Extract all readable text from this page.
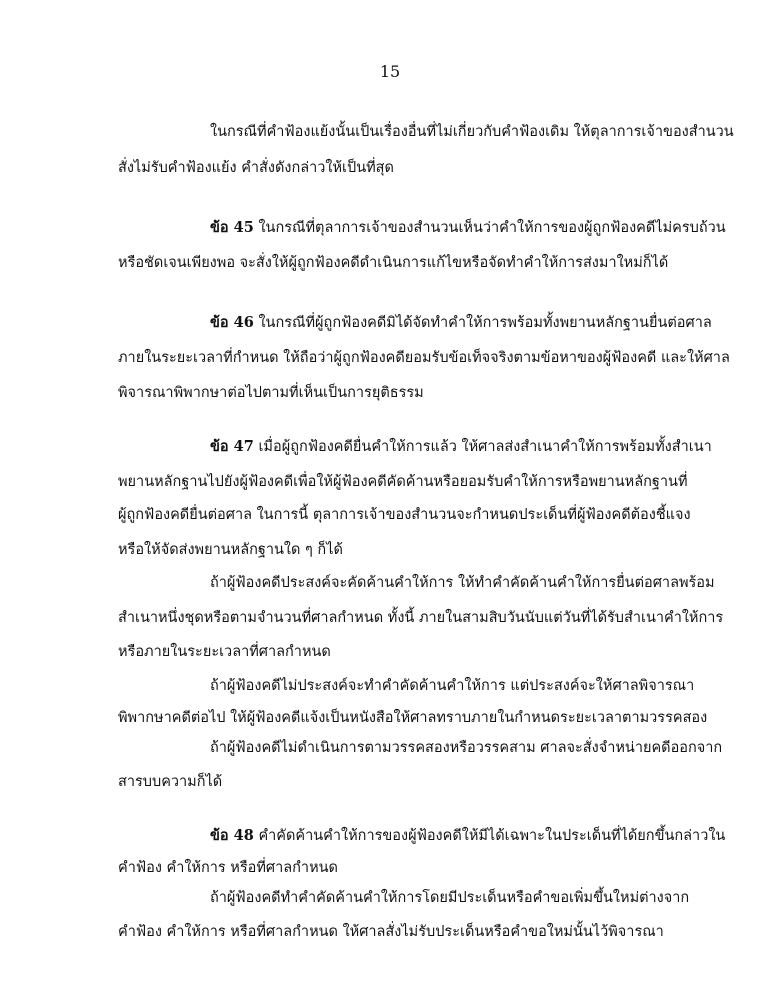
15
ในกรณีที่คำฟ้องแย้งนั้นเป็นเรื่องอื่นที่ไม่เกี่ยวกับคำฟ้องเดิม ให้ตุลาการเจ้าของสำนวน
สั่งไม่รับคำฟ้องแย้ง คำสั่งดังกล่าวให้เป็นที่สุด
ข้อ 45 ในกรณีที่ตุลาการเจ้าของสำนวนเห็นว่าคำให้การของผู้ถูกฟ้องคดีไม่ครบถ้วน
หรือชัดเจนเพียงพอ จะสั่งให้ผู้ถูกฟ้องคดีดำเนินการแก้ไขหรือจัดทำคำให้การส่งมาใหม่ก็ได้
ข้อ 46 ในกรณีที่ผู้ถูกฟ้องคดีมิได้จัดทำคำให้การพร้อมทั้งพยานหลักฐานยื่นต่อศาล
ภายในระยะเวลาที่กำหนด ให้ถือว่าผู้ถูกฟ้องคดียอมรับข้อเท็จจริงตามข้อหาของผู้ฟ้องคดี และให้ศาล
พิจารณาพิพากษาต่อไปตามที่เห็นเป็นการยุติธรรม
ข้อ 47 เมื่อผู้ถูกฟ้องคดียื่นคำให้การแล้ว ให้ศาลส่งสำเนาคำให้การพร้อมทั้งสำเนา
พยานหลักฐานไปยังผู้ฟ้องคดีเพื่อให้ผู้ฟ้องคดีคัดค้านหรือยอมรับคำให้การหรือพยานหลักฐานที่
ผู้ถูกฟ้องคดียื่นต่อศาล ในการนี้ ตุลาการเจ้าของสำนวนจะกำหนดประเด็นที่ผู้ฟ้องคดีต้องชี้แจง
หรือให้จัดส่งพยานหลักฐานใด ๆ ก็ได้
ถ้าผู้ฟ้องคดีประสงค์จะคัดค้านคำให้การ ให้ทำคำคัดค้านคำให้การยื่นต่อศาลพร้อม
สำเนาหนึ่งชุดหรือตามจำนวนที่ศาลกำหนด ทั้งนี้ ภายในสามสิบวันนับแต่วันที่ได้รับสำเนาคำให้การ
หรือภายในระยะเวลาที่ศาลกำหนด
ถ้าผู้ฟ้องคดีไม่ประสงค์จะทำคำคัดค้านคำให้การ แต่ประสงค์จะให้ศาลพิจารณา
พิพากษาคดีต่อไป ให้ผู้ฟ้องคดีแจ้งเป็นหนังสือให้ศาลทราบภายในกำหนดระยะเวลาตามวรรคสอง
ถ้าผู้ฟ้องคดีไม่ดำเนินการตามวรรคสองหรือวรรคสาม ศาลจะสั่งจำหน่ายคดีออกจาก
สารบบความก็ได้
ข้อ 48 คำคัดค้านคำให้การของผู้ฟ้องคดีให้มีได้เฉพาะในประเด็นที่ได้ยกขึ้นกล่าวใน
คำฟ้อง คำให้การ หรือที่ศาลกำหนด
ถ้าผู้ฟ้องคดีทำคำคัดค้านคำให้การโดยมีประเด็นหรือคำขอเพิ่มขึ้นใหม่ต่างจาก
คำฟ้อง คำให้การ หรือที่ศาลกำหนด ให้ศาลสั่งไม่รับประเด็นหรือคำขอใหม่นั้นไว้พิจารณา
